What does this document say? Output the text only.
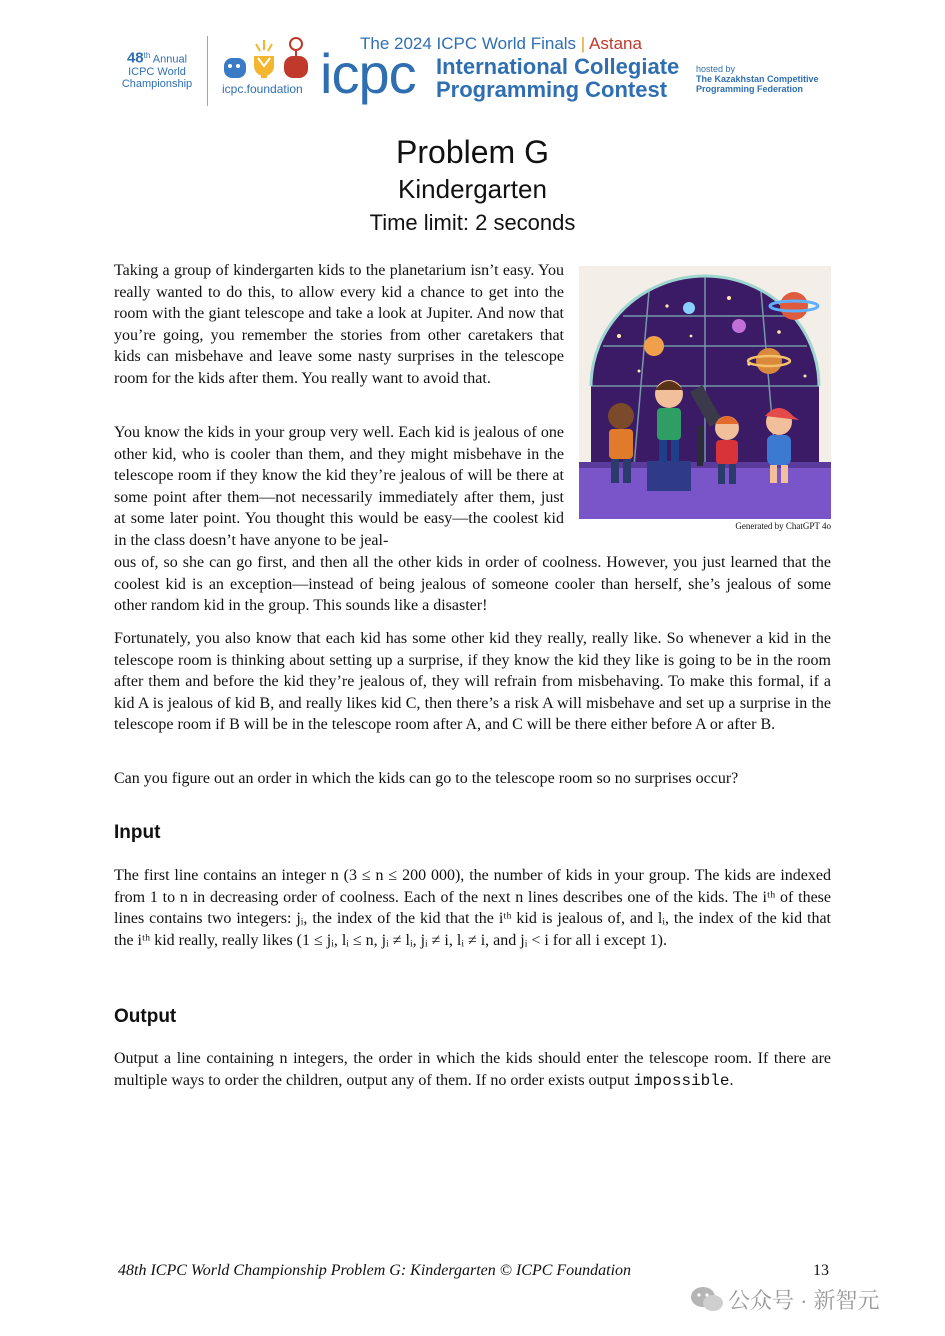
48th Annual
ICPC World
Championship	icpc.foundation icpc
The 2024 ICPC World Finals | Astana
International Collegiate
Programming Contest
hosted by
The Kazakhstan Competitive
Programming Federation
Problem G
Kindergarten
Time limit: 2 seconds

Taking a group of kindergarten kids to the planetarium isn’t easy. You really wanted to do this, to allow every kid a chance to get into the room with the giant telescope and take a look at Jupiter. And now that you’re going, you remember the stories from other caretakers that kids can misbehave and leave some nasty surprises in the telescope room for the kids after them. You really want to avoid that.

You know the kids in your group very well. Each kid is jealous of one other kid, who is cooler than them, and they might misbehave in the telescope room if they know the kid they’re jealous of will be there at some point after them—not necessarily immediately after them, just at some later point. You thought this would be easy—the coolest kid in the class doesn’t have anyone to be jeal-

ous of, so she can go first, and then all the other kids in order of coolness. However, you just learned that the coolest kid is an exception—instead of being jealous of someone cooler than herself, she’s jealous of some other random kid in the group. This sounds like a disaster!

Fortunately, you also know that each kid has some other kid they really, really like. So whenever a kid in the telescope room is thinking about setting up a surprise, if they know the kid they like is going to be in the room after them and before the kid they’re jealous of, they will refrain from misbehaving. To make this formal, if a kid A is jealous of kid B, and really likes kid C, then there’s a risk A will misbehave and set up a surprise in the telescope room if B will be in the telescope room after A, and C will be there either before A or after B.

Can you figure out an order in which the kids can go to the telescope room so no surprises occur?

Generated by ChatGPT 4o
Input

The first line contains an integer n (3 ≤ n ≤ 200 000), the number of kids in your group. The kids are indexed from 1 to n in decreasing order of coolness. Each of the next n lines describes one of the kids. The iᵗʰ of these lines contains two integers: jᵢ, the index of the kid that the iᵗʰ kid is jealous of, and lᵢ, the index of the kid that the iᵗʰ kid really, really likes (1 ≤ jᵢ, lᵢ ≤ n, jᵢ ≠ lᵢ, jᵢ ≠ i, lᵢ ≠ i, and jᵢ < i for all i except 1).

Output

Output a line containing n integers, the order in which the kids should enter the telescope room. If there are multiple ways to order the children, output any of them. If no order exists output impossible.

48th ICPC World Championship Problem G: Kindergarten © ICPC Foundation	13
公众号 · 新智元
